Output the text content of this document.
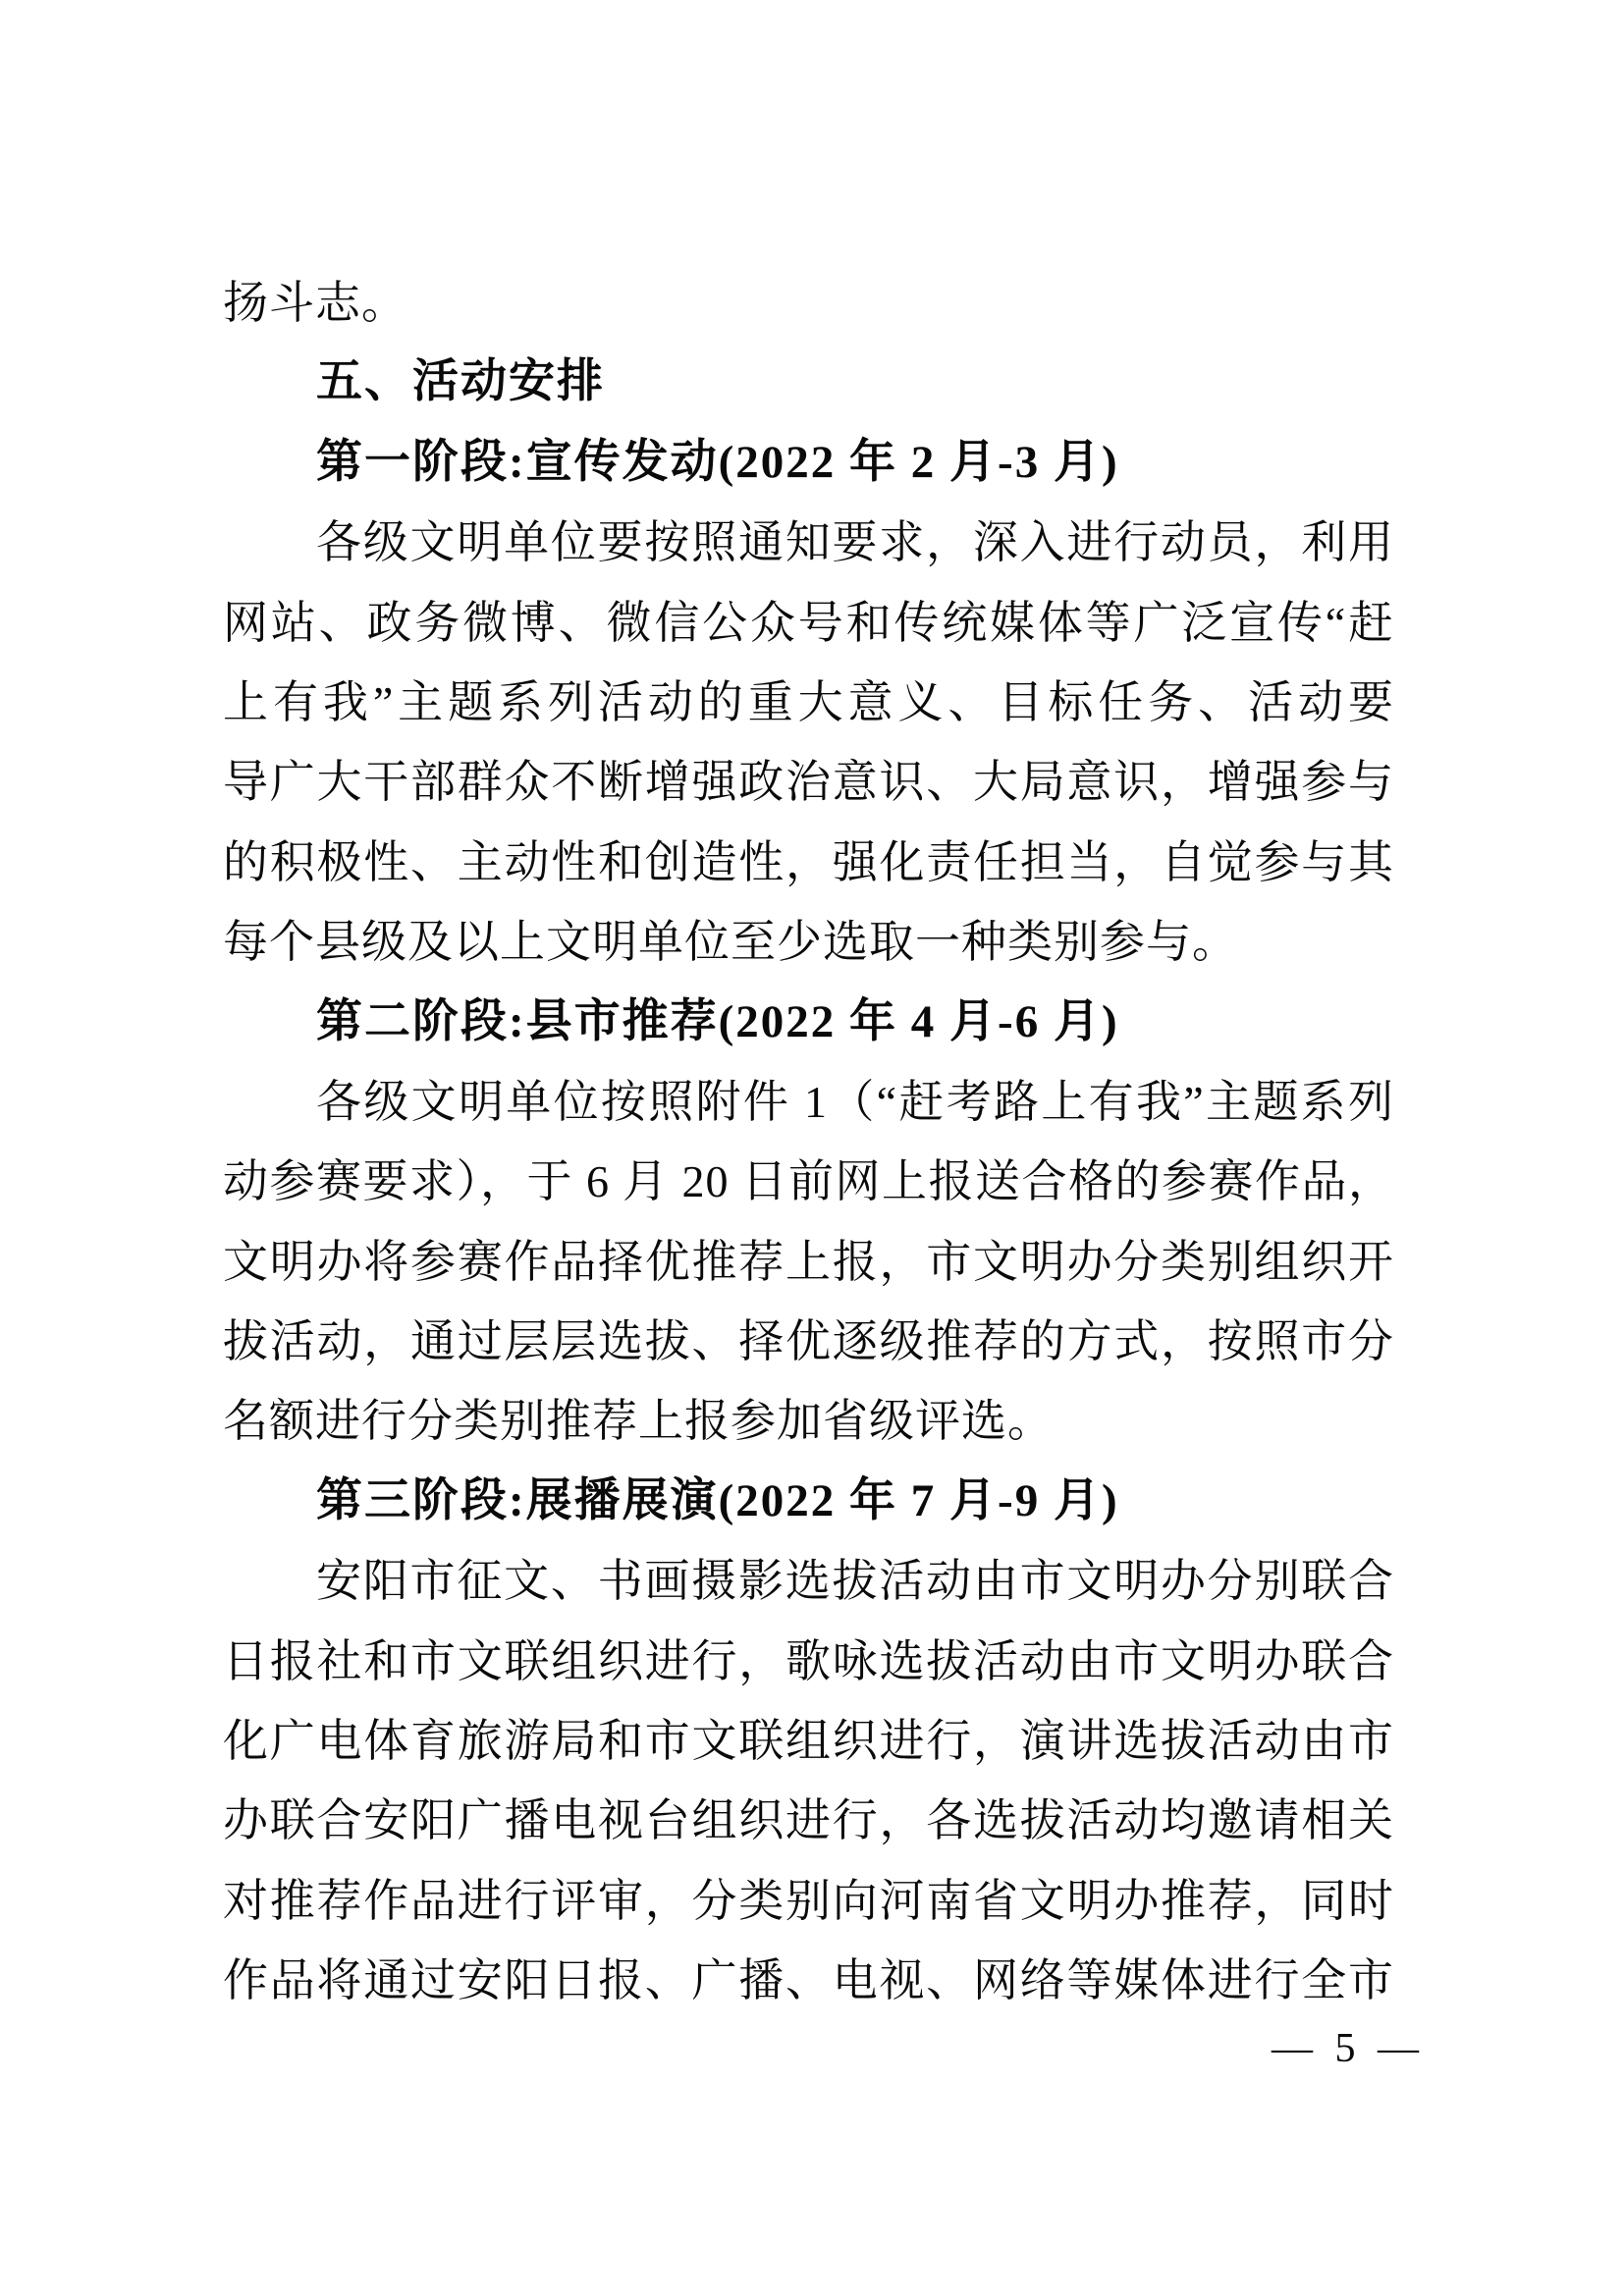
扬斗志。
五、活动安排
第一阶段:宣传发动(2022 年 2 月-3 月)
各级文明单位要按照通知要求，深入进行动员，利用
网站、政务微博、微信公众号和传统媒体等广泛宣传“赶
上有我”主题系列活动的重大意义、目标任务、活动要
导广大干部群众不断增强政治意识、大局意识，增强参与
的积极性、主动性和创造性，强化责任担当，自觉参与其
每个县级及以上文明单位至少选取一种类别参与。
第二阶段:县市推荐(2022 年 4 月-6 月)
各级文明单位按照附件 1（“赶考路上有我”主题系列
动参赛要求），于 6 月 20 日前网上报送合格的参赛作品，
文明办将参赛作品择优推荐上报，市文明办分类别组织开
拔活动，通过层层选拔、择优逐级推荐的方式，按照市分
名额进行分类别推荐上报参加省级评选。
第三阶段:展播展演(2022 年 7 月-9 月)
安阳市征文、书画摄影选拔活动由市文明办分别联合
日报社和市文联组织进行，歌咏选拔活动由市文明办联合
化广电体育旅游局和市文联组织进行，演讲选拔活动由市
办联合安阳广播电视台组织进行，各选拔活动均邀请相关
对推荐作品进行评审，分类别向河南省文明办推荐，同时
作品将通过安阳日报、广播、电视、网络等媒体进行全市
— 5 —
